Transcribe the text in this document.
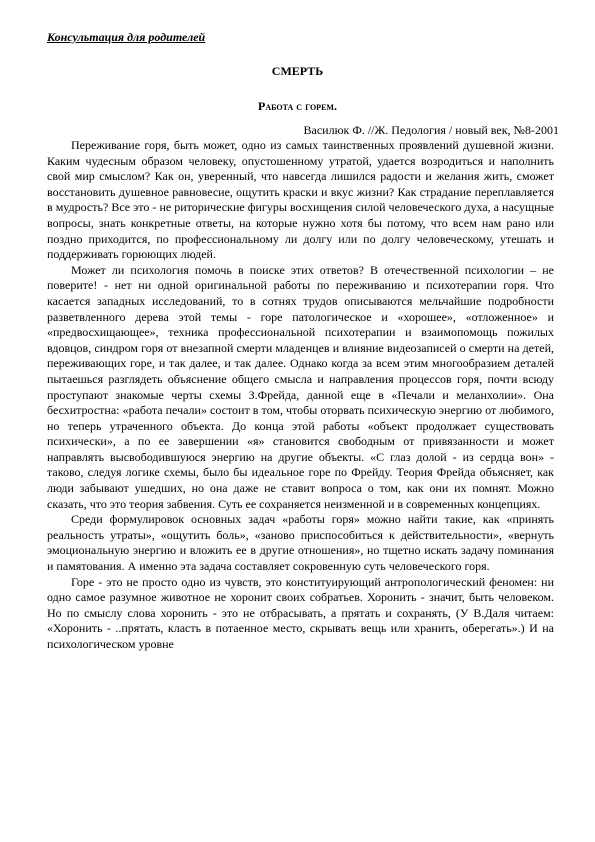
Консультация для родителей
СМЕРТЬ
Работа с горем.
Василюк Ф. //Ж. Педология / новый век, №8-2001

Переживание горя, быть может, одно из самых таинственных проявлений душевной жизни. Каким чудесным образом человеку, опустошенному утратой, удается возродиться и наполнить свой мир смыслом? Как он, уверенный, что навсегда лишился радости и желания жить, сможет восстановить душевное равновесие, ощутить краски и вкус жизни? Как страдание переплавляется в мудрость? Все это - не риторические фигуры восхищения силой человеческого духа, а насущные вопросы, знать конкретные ответы, на которые нужно хотя бы потому, что всем нам рано или поздно приходится, по профессиональному ли долгу или по долгу человеческому, утешать и поддерживать горюющих людей.

Может ли психология помочь в поиске этих ответов? В отечественной психологии – не поверите! - нет ни одной оригинальной работы по переживанию и психотерапии горя. Что касается западных исследований, то в сотнях трудов описываются мельчайшие подробности разветвленного дерева этой темы - горе патологическое и «хорошее», «отложенное» и «предвосхищающее», техника профессиональной психотерапии и взаимопомощь пожилых вдовцов, синдром горя от внезапной смерти младенцев и влияние видеозаписей о смерти на детей, переживающих горе, и так далее, и так далее. Однако когда за всем этим многообразием деталей пытаешься разглядеть объяснение общего смысла и направления процессов горя, почти всюду проступают знакомые черты схемы З.Фрейда, данной еще в «Печали и меланхолии». Она бесхитростна: «работа печали» состоит в том, чтобы оторвать психическую энергию от любимого, но теперь утраченного объекта. До конца этой работы «объект продолжает существовать психически», а по ее завершении «я» становится свободным от привязанности и может направлять высвободившуюся энергию на другие объекты. «С глаз долой - из сердца вон» - таково, следуя логике схемы, было бы идеальное горе по Фрейду. Теория Фрейда объясняет, как люди забывают ушедших, но она даже не ставит вопроса о том, как они их помнят. Можно сказать, что это теория забвения. Суть ее сохраняется неизменной и в современных концепциях.

Среди формулировок основных задач «работы горя» можно найти такие, как «принять реальность утраты», «ощутить боль», «заново приспособиться к действительности», «вернуть эмоциональную энергию и вложить ее в другие отношения», но тщетно искать задачу поминания и памятования. А именно эта задача составляет сокровенную суть человеческого горя.

Горе - это не просто одно из чувств, это конституирующий антропологический феномен: ни одно самое разумное животное не хоронит своих собратьев. Хоронить - значит, быть человеком. Но по смыслу слова хоронить - это не отбрасывать, а прятать и сохранять, (У В.Даля читаем: «Хоронить - ..прятать, класть в потаенное место, скрывать вещь или хранить, оберегать».) И на психологическом уровне
